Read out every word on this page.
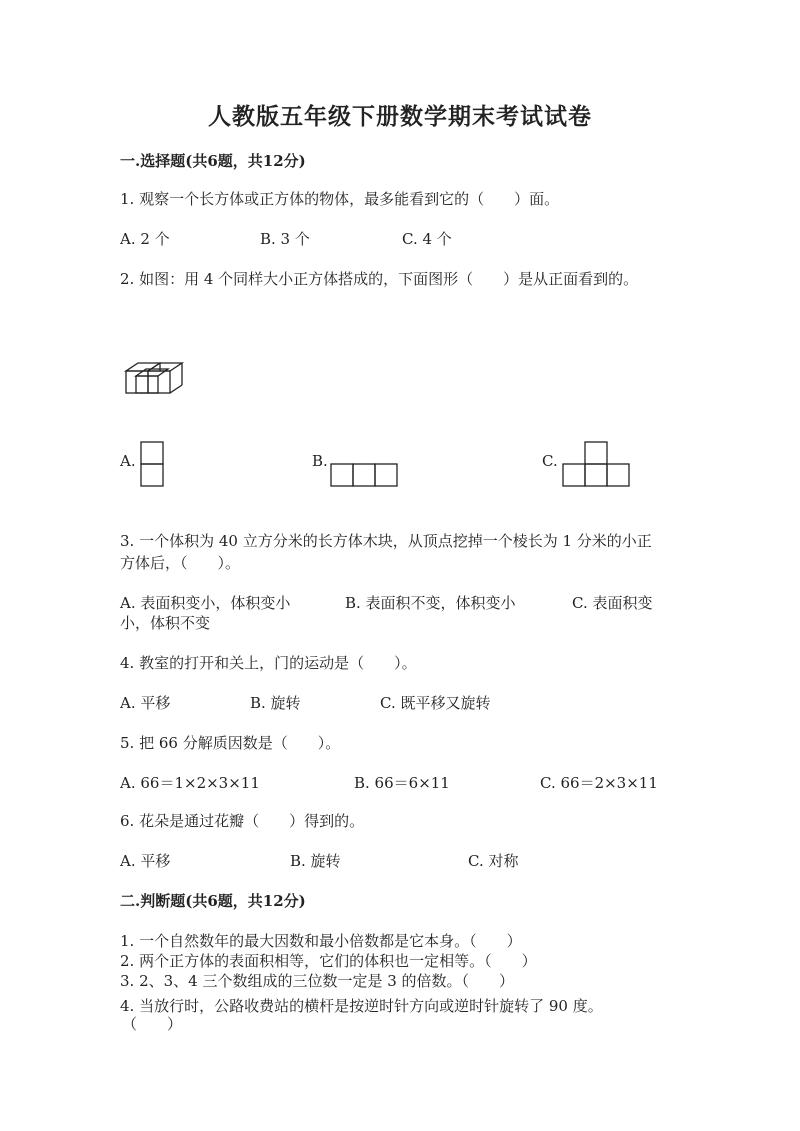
人教版五年级下册数学期末考试试卷
一.选择题(共6题，共12分)
1. 观察一个长方体或正方体的物体，最多能看到它的（　　）面。
A. 2 个	B. 3 个	C. 4 个
2. 如图：用 4 个同样大小正方体搭成的，下面图形（　　）是从正面看到的。
A.	B.	C.
3. 一个体积为 40 立方分米的长方体木块，从顶点挖掉一个棱长为 1 分米的小正
方体后，（　　）。
A. 表面积变小，体积变小	B. 表面积不变，体积变小	C. 表面积变
小，体积不变
4. 教室的打开和关上，门的运动是（　　）。
A. 平移	B. 旋转	C. 既平移又旋转
5. 把 66 分解质因数是（　　）。
A. 66＝1×2×3×11	B. 66＝6×11	C. 66＝2×3×11
6. 花朵是通过花瓣（　　）得到的。
A. 平移	B. 旋转	C. 对称
二.判断题(共6题，共12分)
1. 一个自然数年的最大因数和最小倍数都是它本身。（　　）
2. 两个正方体的表面积相等，它们的体积也一定相等。（　　）
3. 2、3、4 三个数组成的三位数一定是 3 的倍数。（　　）
4. 当放行时，公路收费站的横杆是按逆时针方向或逆时针旋转了 90 度。
（　　）
